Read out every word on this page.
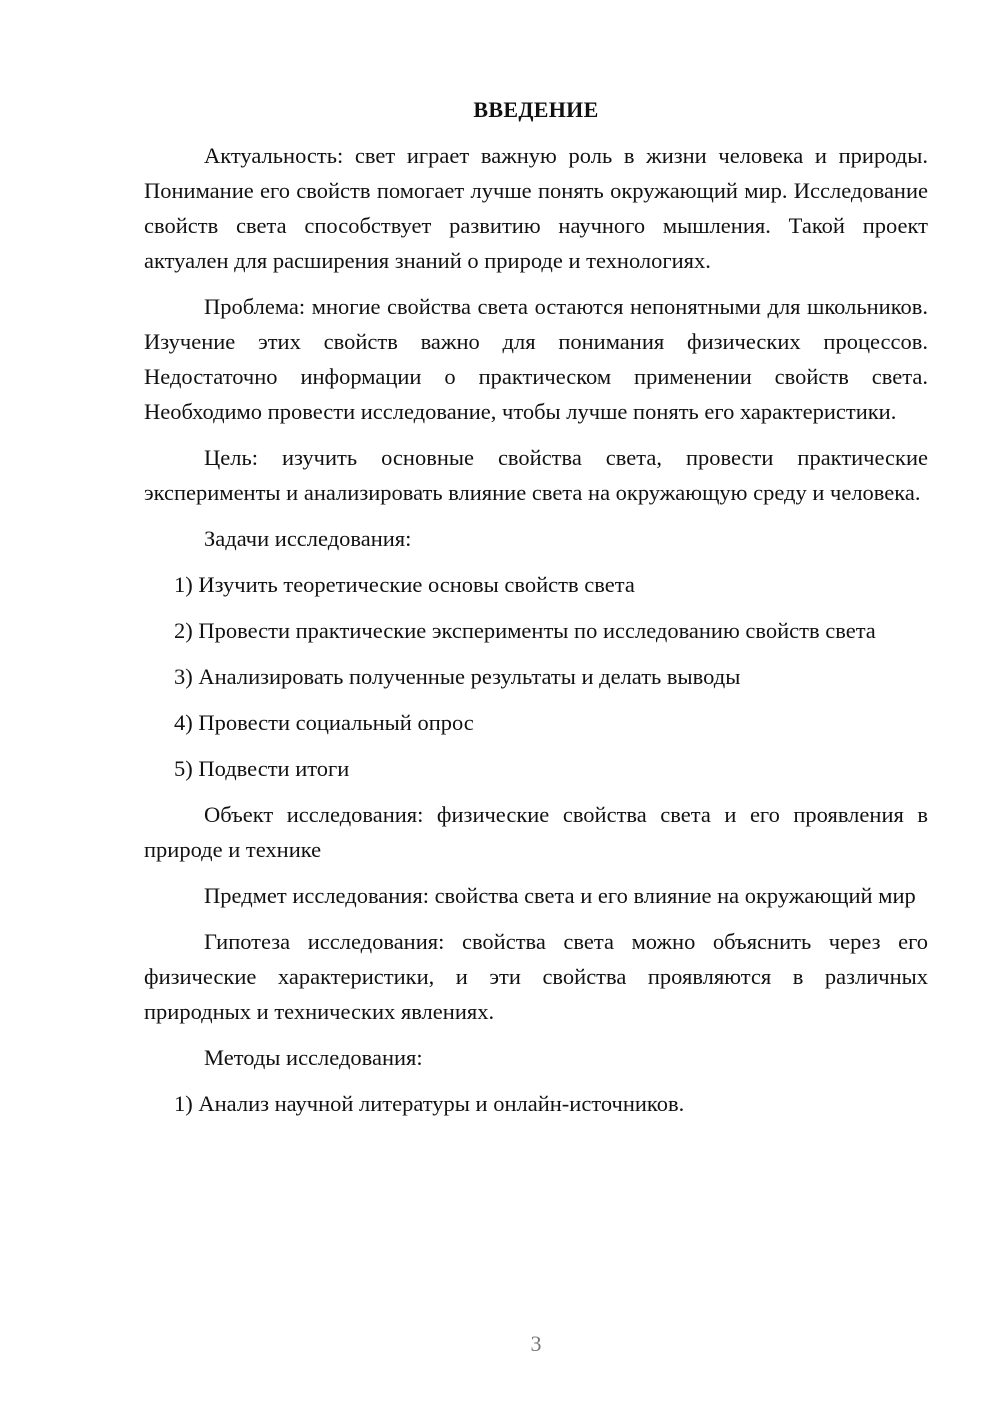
ВВЕДЕНИЕ

Актуальность: свет играет важную роль в жизни человека и природы. Понимание его свойств помогает лучше понять окружающий мир. Исследование свойств света способствует развитию научного мышления. Такой проект актуален для расширения знаний о природе и технологиях.

Проблема: многие свойства света остаются непонятными для школьников. Изучение этих свойств важно для понимания физических процессов. Недостаточно информации о практическом применении свойств света. Необходимо провести исследование, чтобы лучше понять его характеристики.

Цель: изучить основные свойства света, провести практические эксперименты и анализировать влияние света на окружающую среду и человека.

Задачи исследования:

1) Изучить теоретические основы свойств света

2) Провести практические эксперименты по исследованию свойств света

3) Анализировать полученные результаты и делать выводы

4) Провести социальный опрос

5) Подвести итоги

Объект исследования: физические свойства света и его проявления в природе и технике

Предмет исследования: свойства света и его влияние на окружающий мир

Гипотеза исследования: свойства света можно объяснить через его физические характеристики, и эти свойства проявляются в различных природных и технических явлениях.

Методы исследования:

1) Анализ научной литературы и онлайн-источников.

3
